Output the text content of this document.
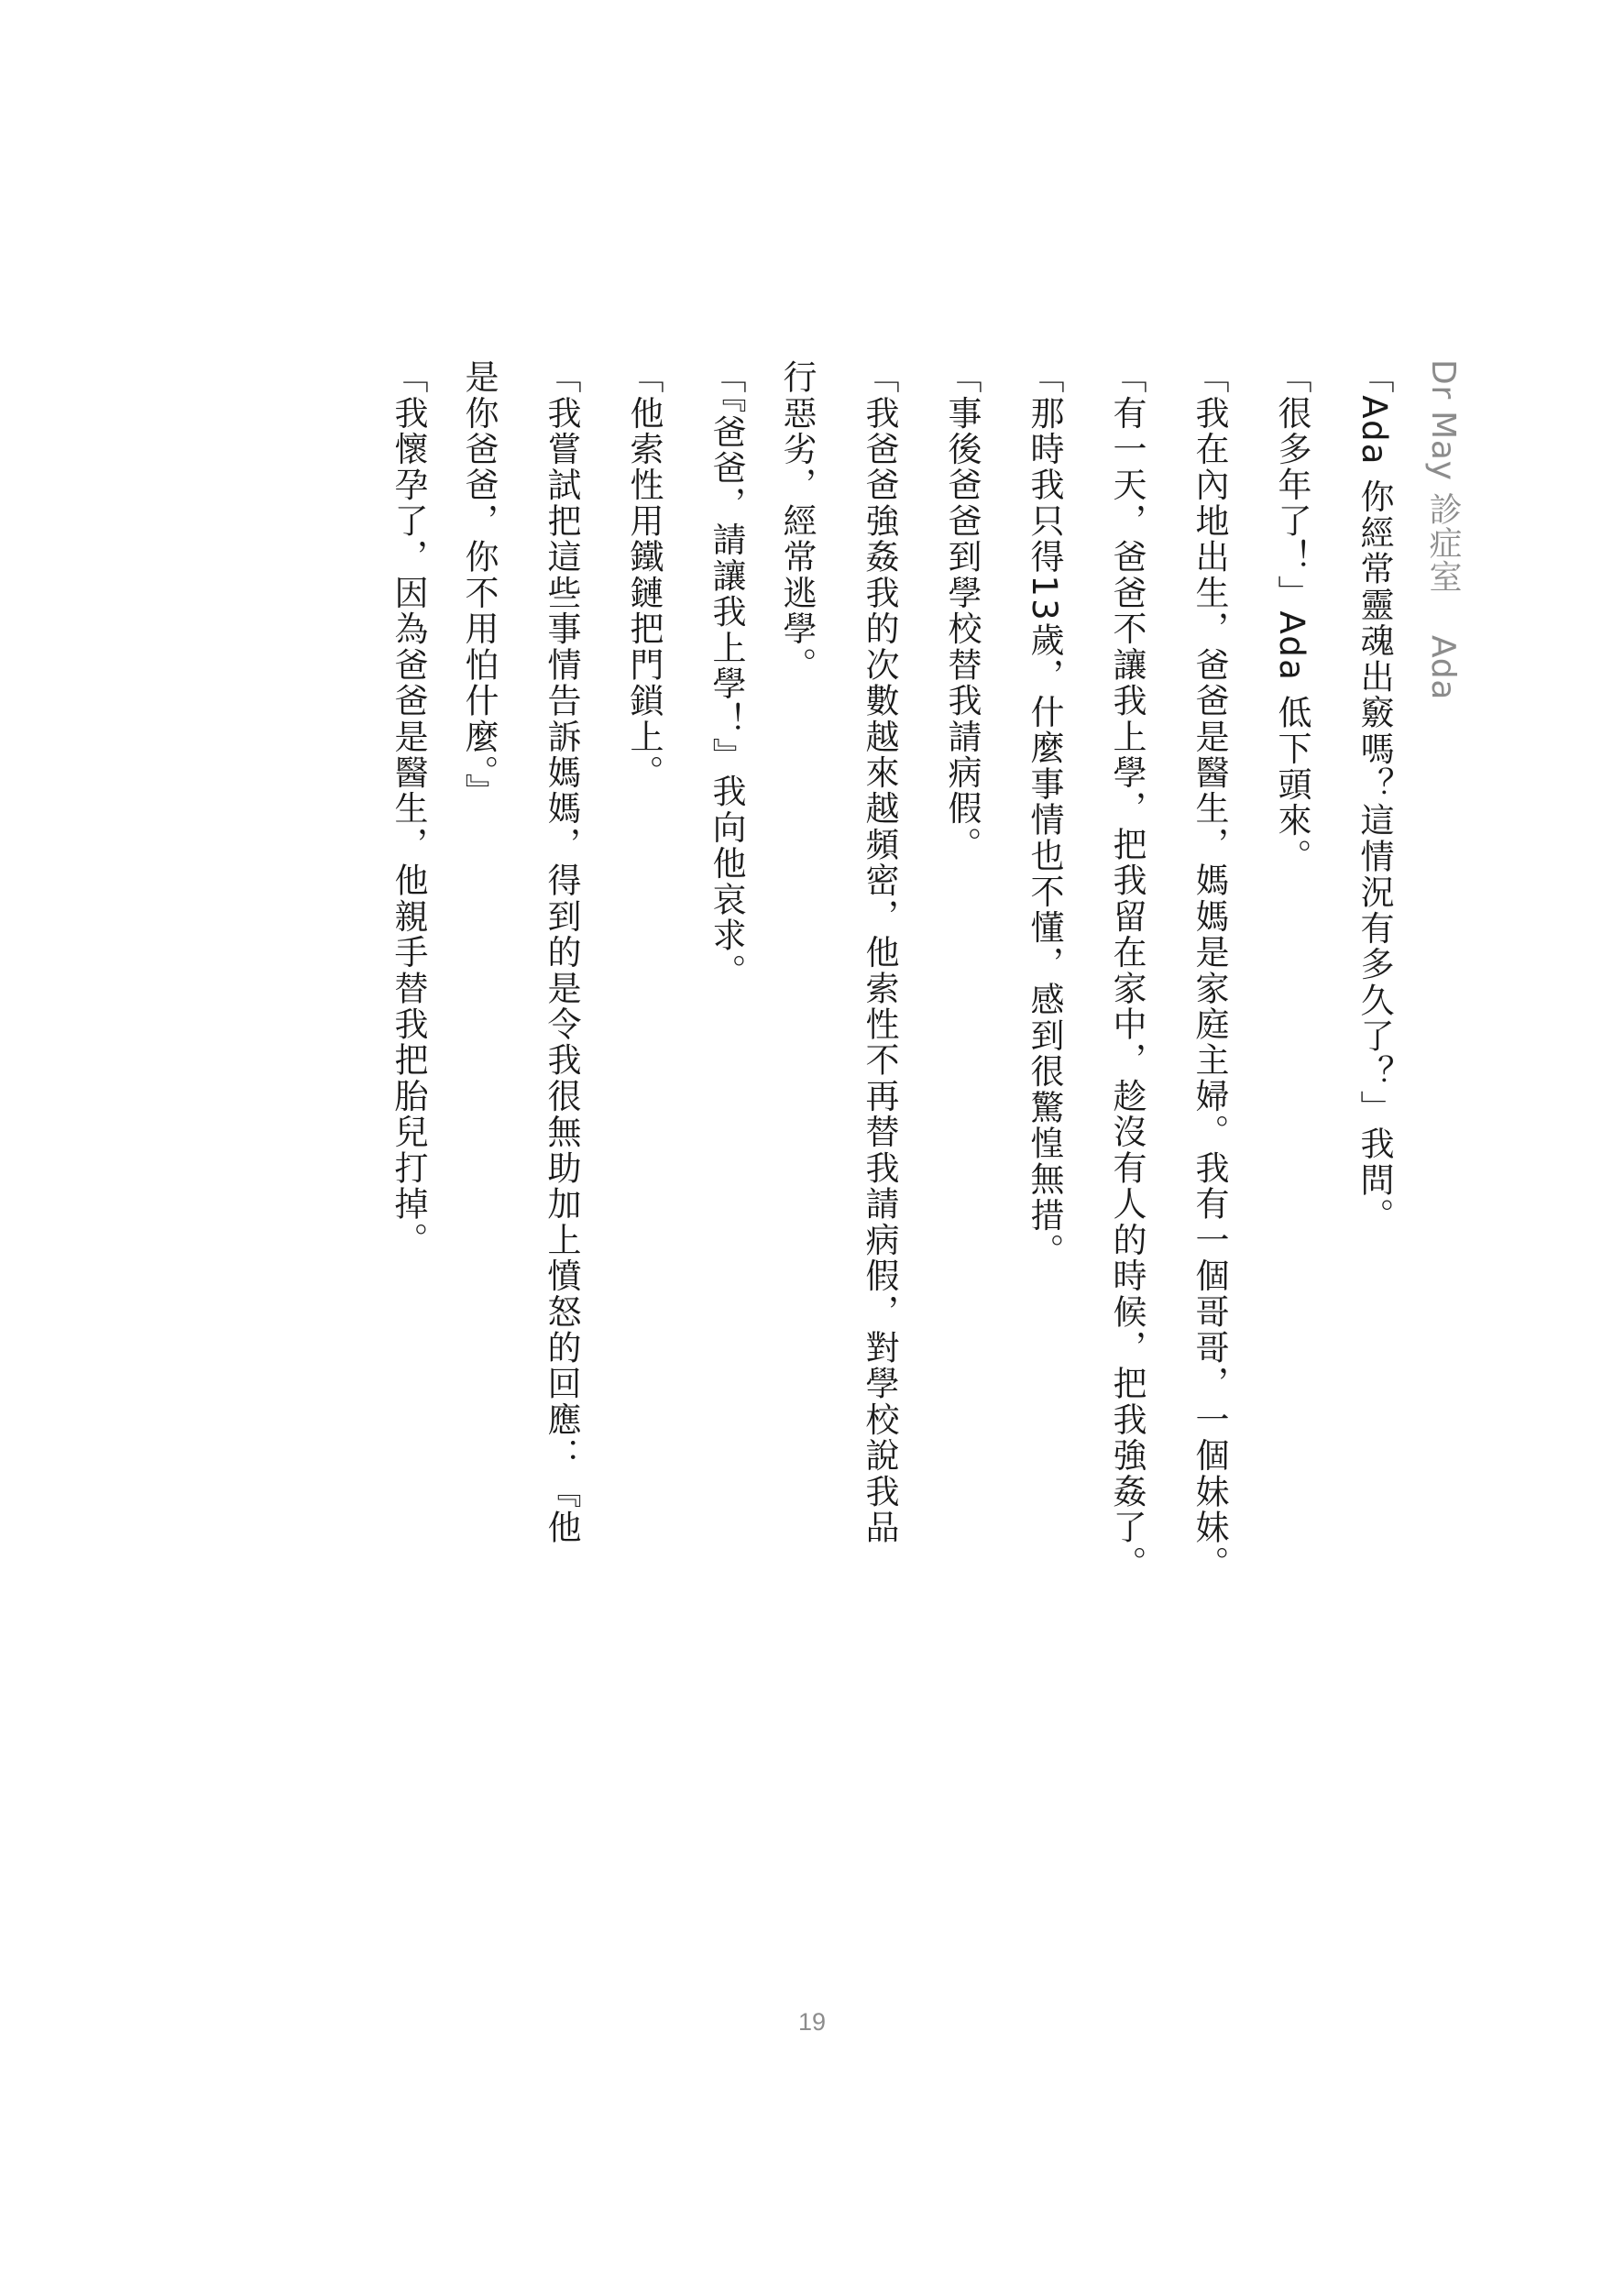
Dr May 診症室Ada
「Ada 你經常靈魂出竅嗎？這情況有多久了？」我問。
「很多年了！」Ada 低下頭來。
「我在內地出生，爸爸是醫生，媽媽是家庭主婦。我有一個哥哥，一個妹妹。
「有一天，爸爸不讓我上學，把我留在家中，趁沒有人的時候，把我強姦了。
「那時我只得13歲，什麼事情也不懂，感到很驚惶無措。
「事後爸爸到學校替我請病假。
「我爸爸強姦我的次數越來越頻密，他索性不再替我請病假，對學校說我品
行惡劣，經常逃學。
「『爸爸，請讓我上學！』我向他哀求。
「他索性用鐵鏈把門鎖上。
「我嘗試把這些事情告訴媽媽，得到的是令我很無助加上憤怒的回應：『他
是你爸爸，你不用怕什麼。』
「我懷孕了，因為爸爸是醫生，他親手替我把胎兒打掉。
19
